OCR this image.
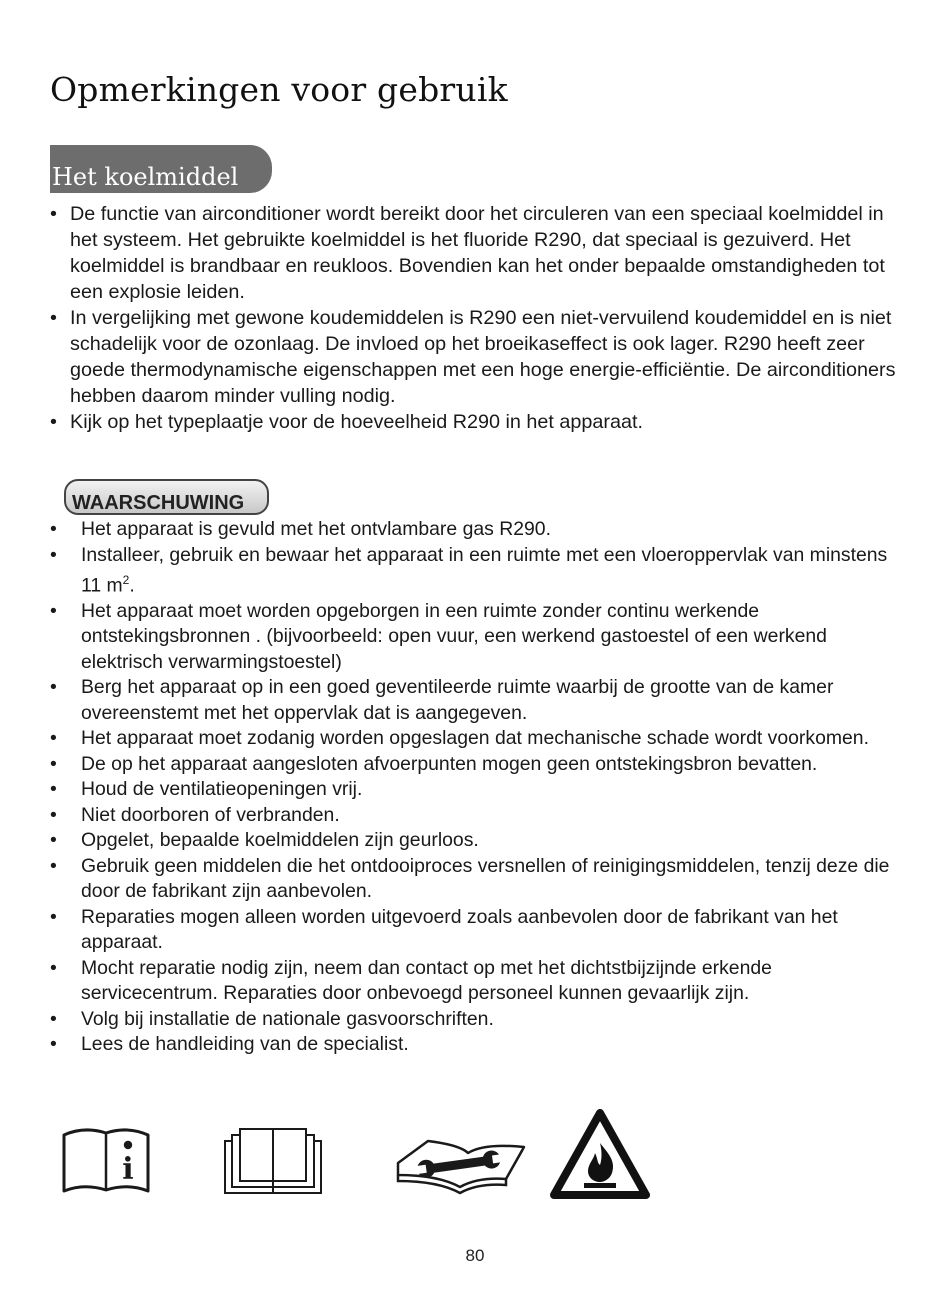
Opmerkingen voor gebruik
Het koelmiddel
• De functie van airconditioner wordt bereikt door het circuleren van een speciaal koelmiddel in het systeem. Het gebruikte koelmiddel is het fluoride R290, dat speciaal is gezuiverd. Het koelmiddel is brandbaar en reukloos. Bovendien kan het onder bepaalde omstandigheden tot een explosie leiden.
• In vergelijking met gewone koudemiddelen is R290 een niet-vervuilend koudemiddel en is niet schadelijk voor de ozonlaag. De invloed op het broeikaseffect is ook lager. R290 heeft zeer goede thermodynamische eigenschappen met een hoge energie-efficiëntie. De airconditioners hebben daarom minder vulling nodig.
• Kijk op het typeplaatje voor de hoeveelheid R290 in het apparaat.
WAARSCHUWING
• Het apparaat is gevuld met het ontvlambare gas R290.
• Installeer, gebruik en bewaar het apparaat in een ruimte met een vloeroppervlak van minstens 11 $m^2$.
• Het apparaat moet worden opgeborgen in een ruimte zonder continu werkende ontstekingsbronnen . (bijvoorbeeld: open vuur, een werkend gastoestel of een werkend elektrisch verwarmingstoestel)
• Berg het apparaat op in een goed geventileerde ruimte waarbij de grootte van de kamer overeenstemt met het oppervlak dat is aangegeven.
• Het apparaat moet zodanig worden opgeslagen dat mechanische schade wordt voorkomen.
• De op het apparaat aangesloten afvoerpunten mogen geen ontstekingsbron bevatten.
• Houd de ventilatieopeningen vrij.
• Niet doorboren of verbranden.
• Opgelet, bepaalde koelmiddelen zijn geurloos.
• Gebruik geen middelen die het ontdooiproces versnellen of reinigingsmiddelen, tenzij deze die door de fabrikant zijn aanbevolen.
• Reparaties mogen alleen worden uitgevoerd zoals aanbevolen door de fabrikant van het apparaat.
• Mocht reparatie nodig zijn, neem dan contact op met het dichtstbijzijnde erkende servicecentrum. Reparaties door onbevoegd personeel kunnen gevaarlijk zijn.
• Volg bij installatie de nationale gasvoorschriften.
• Lees de handleiding van de specialist.
i
80
